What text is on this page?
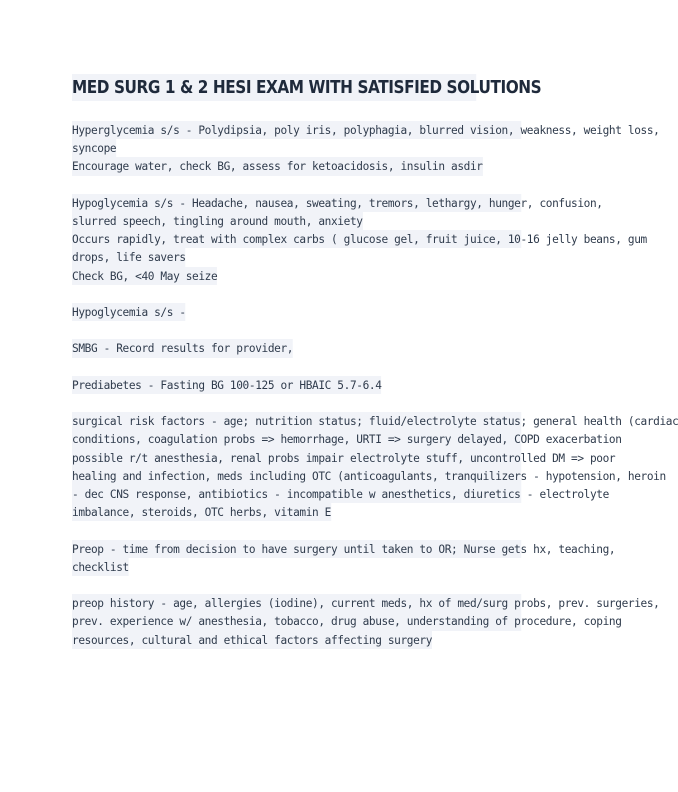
MED SURG 1 & 2 HESI EXAM WITH SATISFIED SOLUTIONS

Hyperglycemia s/s - Polydipsia, poly iris, polyphagia, blurred vision, weakness, weight loss,
syncope
Encourage water, check BG, assess for ketoacidosis, insulin asdir

Hypoglycemia s/s - Headache, nausea, sweating, tremors, lethargy, hunger, confusion,
slurred speech, tingling around mouth, anxiety
Occurs rapidly, treat with complex carbs ( glucose gel, fruit juice, 10-16 jelly beans, gum
drops, life savers
Check BG, <40 May seize

Hypoglycemia s/s -

SMBG - Record results for provider,

Prediabetes - Fasting BG 100-125 or HBAIC 5.7-6.4

surgical risk factors - age; nutrition status; fluid/electrolyte status; general health (cardiac
conditions, coagulation probs => hemorrhage, URTI => surgery delayed, COPD exacerbation
possible r/t anesthesia, renal probs impair electrolyte stuff, uncontrolled DM => poor
healing and infection, meds including OTC (anticoagulants, tranquilizers - hypotension, heroin
- dec CNS response, antibiotics - incompatible w anesthetics, diuretics - electrolyte
imbalance, steroids, OTC herbs, vitamin E

Preop - time from decision to have surgery until taken to OR; Nurse gets hx, teaching,
checklist

preop history - age, allergies (iodine), current meds, hx of med/surg probs, prev. surgeries,
prev. experience w/ anesthesia, tobacco, drug abuse, understanding of procedure, coping
resources, cultural and ethical factors affecting surgery
